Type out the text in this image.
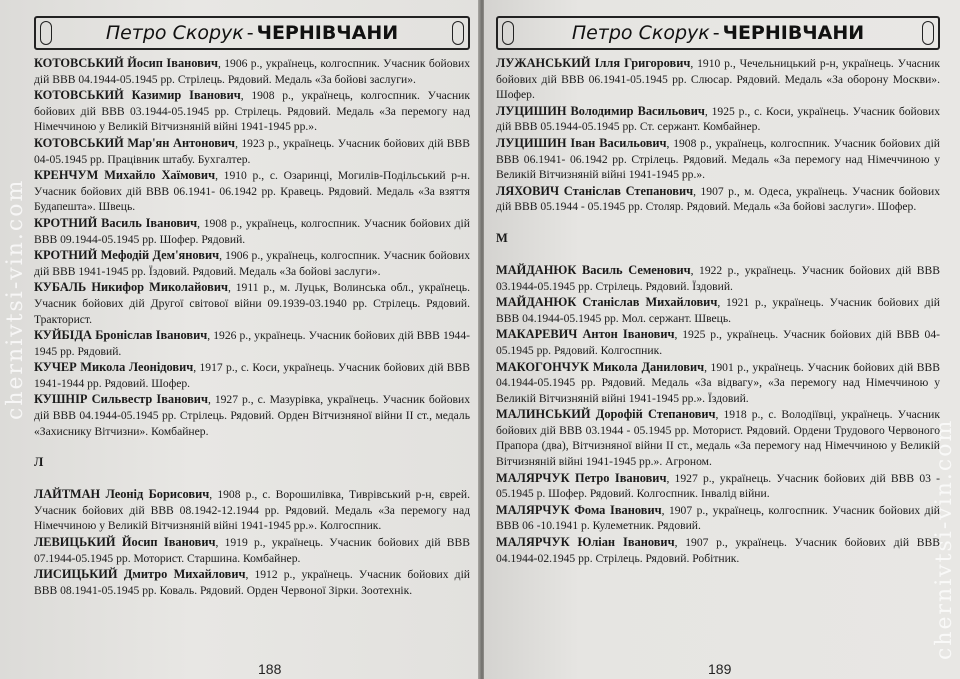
Петро Скорук - ЧЕРНІВЧАНИ

КОТОВСЬКИЙ Йосип Іванович, 1906 р., українець, колгоспник. Учасник бойових дій ВВВ 04.1944-05.1945 рр. Стрілець. Рядовий. Медаль «За бойові заслуги».

КОТОВСЬКИЙ Казимир Іванович, 1908 р., українець, колгоспник. Учасник бойових дій ВВВ 03.1944-05.1945 рр. Стрілець. Рядовий. Медаль «За перемогу над Німеччиною у Великій Вітчизняній війні 1941-1945 рр.».

КОТОВСЬКИЙ Мар'ян Антонович, 1923 р., українець. Учасник бойових дій ВВВ 04-05.1945 рр. Працівник штабу. Бухгалтер.

КРЕНЧУМ Михайло Хаїмович, 1910 р., с. Озаринці, Могилів-Подільський р-н. Учасник бойових дій ВВВ 06.1941- 06.1942 рр. Кравець. Рядовий. Медаль «За взяття Будапешта». Швець.

КРОТНИЙ Василь Іванович, 1908 р., українець, колгоспник. Учасник бойових дій ВВВ 09.1944-05.1945 рр. Шофер. Рядовий.

КРОТНИЙ Мефодій Дем'янович, 1906 р., українець, колгоспник. Учасник бойових дій ВВВ 1941-1945 рр. Їздовий. Рядовий. Медаль «За бойові заслуги».

КУБАЛЬ Никифор Миколайович, 1911 р., м. Луцьк, Волинська обл., українець. Учасник бойових дій Другої світової війни 09.1939-03.1940 рр. Стрілець. Рядовий. Тракторист.

КУЙБІДА Броніслав Іванович, 1926 р., українець. Учасник бойових дій ВВВ 1944-1945 рр. Рядовий.

КУЧЕР Микола Леонідович, 1917 р., с. Коси, українець. Учасник бойових дій ВВВ 1941-1944 рр. Рядовий. Шофер.

КУШНІР Сильвестр Іванович, 1927 р., с. Мазурівка, українець. Учасник бойових дій ВВВ 04.1944-05.1945 рр. Стрілець. Рядовий. Орден Вітчизняної війни II ст., медаль «Захиснику Вітчизни». Комбайнер.

Л

ЛАЙТМАН Леонід Борисович, 1908 р., с. Ворошилівка, Тиврівський р-н, єврей. Учасник бойових дій ВВВ 08.1942-12.1944 рр. Рядовий. Медаль «За перемогу над Німеччиною у Великій Вітчизняній війні 1941-1945 рр.». Колгоспник.

ЛЕВИЦЬКИЙ Йосип Іванович, 1919 р., українець. Учасник бойових дій ВВВ 07.1944-05.1945 рр. Моторист. Старшина. Комбайнер.

ЛИСИЦЬКИЙ Дмитро Михайлович, 1912 р., українець. Учасник бойових дій ВВВ 08.1941-05.1945 рр. Коваль. Рядовий. Орден Червоної Зірки. Зоотехнік.

188
Петро Скорук - ЧЕРНІВЧАНИ

ЛУЖАНСЬКИЙ Ілля Григорович, 1910 р., Чечельницький р-н, українець. Учасник бойових дій ВВВ 06.1941-05.1945 рр. Слюсар. Рядовий. Медаль «За оборону Москви». Шофер.

ЛУЦИШИН Володимир Васильович, 1925 р., с. Коси, українець. Учасник бойових дій ВВВ 05.1944-05.1945 рр. Ст. сержант. Комбайнер.

ЛУЦИШИН Іван Васильович, 1908 р., українець, колгоспник. Учасник бойових дій ВВВ 06.1941- 06.1942 рр. Стрілець. Рядовий. Медаль «За перемогу над Німеччиною у Великій Вітчизняній війні 1941-1945 рр.».

ЛЯХОВИЧ Станіслав Степанович, 1907 р., м. Одеса, українець. Учасник бойових дій ВВВ 05.1944 - 05.1945 рр. Столяр. Рядовий. Медаль «За бойові заслуги». Шофер.

М

МАЙДАНЮК Василь Семенович, 1922 р., українець. Учасник бойових дій ВВВ 03.1944-05.1945 рр. Стрілець. Рядовий. Їздовий.

МАЙДАНЮК Станіслав Михайлович, 1921 р., українець. Учасник бойових дій ВВВ 04.1944-05.1945 рр. Мол. сержант. Швець.

МАКАРЕВИЧ Антон Іванович, 1925 р., українець. Учасник бойових дій ВВВ 04-05.1945 рр. Рядовий. Колгоспник.

МАКОГОНЧУК Микола Данилович, 1901 р., українець. Учасник бойових дій ВВВ 04.1944-05.1945 рр. Рядовий. Медаль «За відвагу», «За перемогу над Німеччиною у Великій Вітчизняній війні 1941-1945 рр.». Їздовий.

МАЛИНСЬКИЙ Дорофій Степанович, 1918 р., с. Володіївці, українець. Учасник бойових дій ВВВ 03.1944 - 05.1945 рр. Моторист. Рядовий. Ордени Трудового Червоного Прапора (два), Вітчизняної війни II ст., медаль «За перемогу над Німеччиною у Великій Вітчизняній війні 1941-1945 рр.». Агроном.

МАЛЯРЧУК Петро Іванович, 1927 р., українець. Учасник бойових дій ВВВ 03 - 05.1945 р. Шофер. Рядовий. Колгоспник. Інвалід війни.

МАЛЯРЧУК Фома Іванович, 1907 р., українець, колгоспник. Учасник бойових дій ВВВ 06 -10.1941 р. Кулеметник. Рядовий.

МАЛЯРЧУК Юліан Іванович, 1907 р., українець. Учасник бойових дій ВВВ 04.1944-02.1945 рр. Стрілець. Рядовий. Робітник.

189
chernivtsi-vin.com
chernivtsi-vin.com
